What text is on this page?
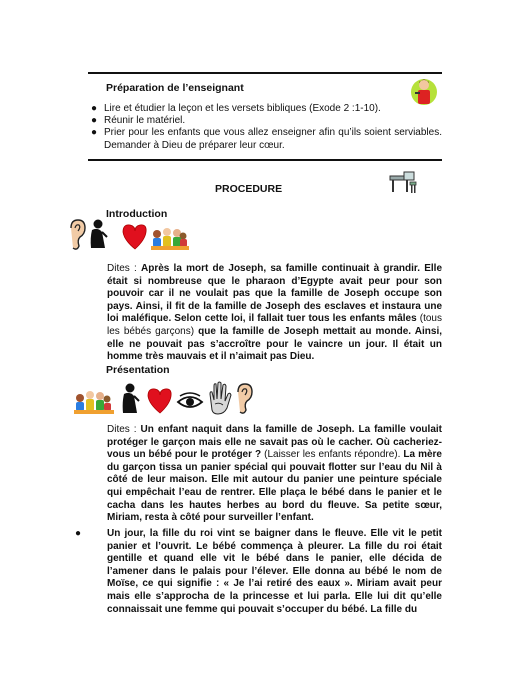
Préparation de l’enseignant
● Lire et étudier la leçon et les versets bibliques (Exode 2 :1-10).
● Réunir le matériel.
● Prier pour les enfants que vous allez enseigner afin qu’ils soient serviables. Demander à Dieu de préparer leur cœur.
PROCEDURE
Introduction
Dites : Après la mort de Joseph, sa famille continuait à grandir. Elle était si nombreuse que le pharaon d’Egypte avait peur pour son pouvoir car il ne voulait pas que la famille de Joseph occupe son pays. Ainsi, il fit de la famille de Joseph des esclaves et instaura une loi maléfique. Selon cette loi, il fallait tuer tous les enfants mâles (tous les bébés garçons) que la famille de Joseph mettait au monde. Ainsi, elle ne pouvait pas s’accroître pour le vaincre un jour. Il était un homme très mauvais et il n’aimait pas Dieu.
Présentation
Dites : Un enfant naquit dans la famille de Joseph. La famille voulait protéger le garçon mais elle ne savait pas où le cacher. Où cacheriez-vous un bébé pour le protéger ? (Laisser les enfants répondre). La mère du garçon tissa un panier spécial qui pouvait flotter sur l’eau du Nil à côté de leur maison. Elle mit autour du panier une peinture spéciale qui empêchait l’eau de rentrer. Elle plaça le bébé dans le panier et le cacha dans les hautes herbes au bord du fleuve. Sa petite sœur, Miriam, resta à côté pour surveiller l’enfant.
●	Un jour, la fille du roi vint se baigner dans le fleuve. Elle vit le petit panier et l’ouvrit. Le bébé commença à pleurer. La fille du roi était gentille et quand elle vit le bébé dans le panier, elle décida de l’amener dans le palais pour l’élever. Elle donna au bébé le nom de Moïse, ce qui signifie : « Je l’ai retiré des eaux ». Miriam avait peur mais elle s’approcha de la princesse et lui parla. Elle lui dit qu’elle connaissait une femme qui pouvait s’occuper du bébé. La fille du
